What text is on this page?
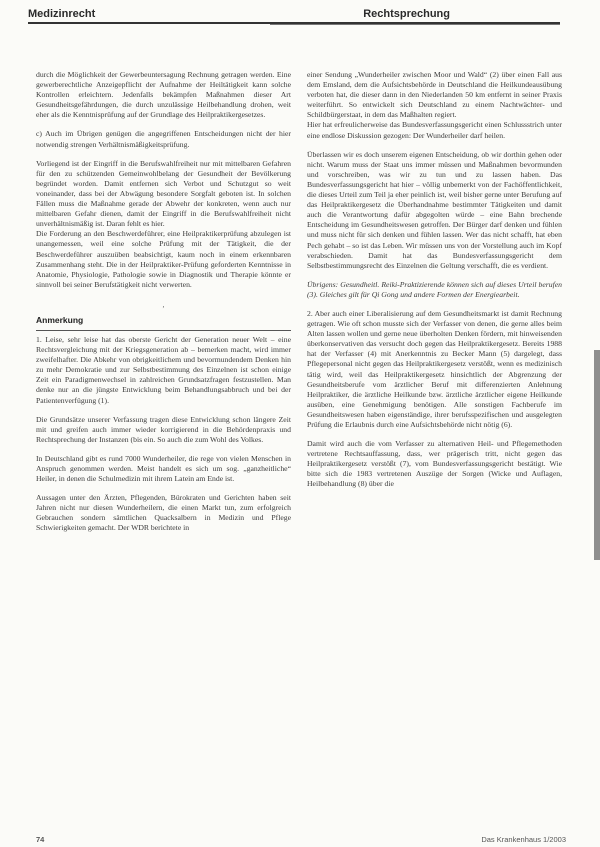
Medizinrecht	Rechtsprechung

durch die Möglichkeit der Gewerbeuntersagung Rechnung getragen werden. Eine gewerberechtliche Anzeigepflicht der Aufnahme der Heiltätigkeit kann solche Kontrollen erleichtern. Jedenfalls bekämpfen Maßnahmen dieser Art Gesundheitsgefährdungen, die durch unzulässige Heilbehandlung drohen, weit eher als die Kenntnisprüfung auf der Grundlage des Heilpraktikergesetzes.

c) Auch im Übrigen genügen die angegriffenen Entscheidungen nicht der hier notwendig strengen Verhältnismäßigkeitsprüfung.

Vorliegend ist der Eingriff in die Berufswahlfreiheit nur mit mittelbaren Gefahren für den zu schützenden Gemeinwohlbelang der Gesundheit der Bevölkerung begründet worden. Damit entfernen sich Verbot und Schutzgut so weit voneinander, dass bei der Abwägung besondere Sorgfalt geboten ist. In solchen Fällen muss die Maßnahme gerade der Abwehr der konkreten, wenn auch nur mittelbaren Gefahr dienen, damit der Eingriff in die Berufswahlfreiheit nicht unverhältnismäßig ist. Daran fehlt es hier.

Die Forderung an den Beschwerdeführer, eine Heilpraktikerprüfung abzulegen ist unangemessen, weil eine solche Prüfung mit der Tätigkeit, die der Beschwerdeführer auszuüben beabsichtigt, kaum noch in einem erkennbaren Zusammenhang steht. Die in der Heilpraktiker-Prüfung geforderten Kenntnisse in Anatomie, Physiologie, Pathologie sowie in Diagnostik und Therapie könnte er sinnvoll bei seiner Berufstätigkeit nicht verwerten.

,
Anmerkung

1. Leise, sehr leise hat das oberste Gericht der Generation neuer Welt – eine Rechtsvergleichung mit der Kriegsgeneration ab – bemerken macht, wird immer zweifelhafter. Die Abkehr von obrigkeitlichem und bevormundendem Denken hin zu mehr Demokratie und zur Selbstbestimmung des Einzelnen ist schon einige Zeit ein Paradigmenwechsel in zahlreichen Grundsatzfragen festzustellen. Man denke nur an die jüngste Entwicklung beim Behandlungsabbruch und bei der Patientenverfügung (1).

Die Grundsätze unserer Verfassung tragen diese Entwicklung schon längere Zeit mit und greifen auch immer wieder korrigierend in die Behördenpraxis und Rechtsprechung der Instanzen (bis ein. So auch die zum Wohl des Volkes.

In Deutschland gibt es rund 7000 Wunderheiler, die rege von vielen Menschen in Anspruch genommen werden. Meist handelt es sich um sog. „ganzheitliche“ Heiler, in denen die Schulmedizin mit ihrem Latein am Ende ist.

Aussagen unter den Ärzten, Pflegenden, Bürokraten und Gerichten haben seit Jahren nicht nur diesen Wunderheilern, die einen Markt tun, zum erfolgreich Gebrauchen sondern sämtlichen Quacksalbern in Medizin und Pflege Schwierigkeiten gemacht. Der WDR berichtete in

einer Sendung „Wunderheiler zwischen Moor und Wald“ (2) über einen Fall aus dem Emsland, dem die Aufsichtsbehörde in Deutschland die Heilkundeausübung verboten hat, die dieser dann in den Niederlanden 50 km entfernt in seiner Praxis weiterführt. So entwickelt sich Deutschland zu einem Nachtwächter- und Schildbürgerstaat, in dem das Maßhalten regiert.

Hier hat erfreulicherweise das Bundesverfassungsgericht einen Schlussstrich unter eine endlose Diskussion gezogen: Der Wunderheiler darf heilen.

Überlassen wir es doch unserem eigenen Entscheidung, ob wir dorthin gehen oder nicht. Warum muss der Staat uns immer müssen und Maßnahmen bevormunden und vorschreiben, was wir zu tun und zu lassen haben. Das Bundesverfassungsgericht hat hier – völlig unbemerkt von der Fachöffentlichkeit, die dieses Urteil zum Teil ja eher peinlich ist, weil bisher gerne unter Berufung auf das Heilpraktikergesetz die Überhandnahme bestimmter Tätigkeiten und damit auch die Verantwortung dafür abgegolten würde – eine Bahn brechende Entscheidung im Gesundheitswesen getroffen. Der Bürger darf denken und fühlen und muss nicht für sich denken und fühlen lassen. Wer das nicht schafft, hat eben Pech gehabt – so ist das Leben. Wir müssen uns von der Vorstellung auch im Kopf verabschieden. Damit hat das Bundesverfassungsgericht dem Selbstbestimmungsrecht des Einzelnen die Geltung verschafft, die es verdient.

Übrigens: Gesundheitl. Reiki-Praktizierende können sich auf dieses Urteil berufen (3). Gleiches gilt für Qi Gong und andere Formen der Energiearbeit.

2. Aber auch einer Liberalisierung auf dem Gesundheitsmarkt ist damit Rechnung getragen. Wie oft schon musste sich der Verfasser von denen, die gerne alles beim Alten lassen wollen und gerne neue überholten Denken fördern, mit hinweisenden überkonservativen das versucht doch gegen das Heilpraktikergesetz. Bereits 1988 hat der Verfasser (4) mit Anerkenntnis zu Becker Mann (5) dargelegt, dass Pflegepersonal nicht gegen das Heilpraktikergesetz verstößt, wenn es medizinisch tätig wird, weil das Heilpraktikergesetz hinsichtlich der Abgrenzung der Gesundheitsberufe vom ärztlicher Beruf mit differenzierten Anlehnung Heilpraktiker, die ärztliche Heilkunde bzw. ärztliche ärztlicher eigene Heilkunde ausüben, eine Genehmigung benötigen. Alle sonstigen Fachberufe im Gesundheitswesen haben eigenständige, ihrer berufsspezifischen und ausgelegten Prüfung die Erlaubnis durch eine Aufsichtsbehörde nicht nötig (6).

Damit wird auch die vom Verfasser zu alternativen Heil- und Pflegemethoden vertretene Rechtsauffassung, dass, wer prägerisch tritt, nicht gegen das Heilpraktikergesetz verstößt (7), vom Bundesverfassungsgericht bestätigt. Wie bitte sich die 1983 vertretenen Auszüge der Sorgen (Wicke und Auflagen, Heilbehandlung (8) über die

74	Das Krankenhaus 1/2003
